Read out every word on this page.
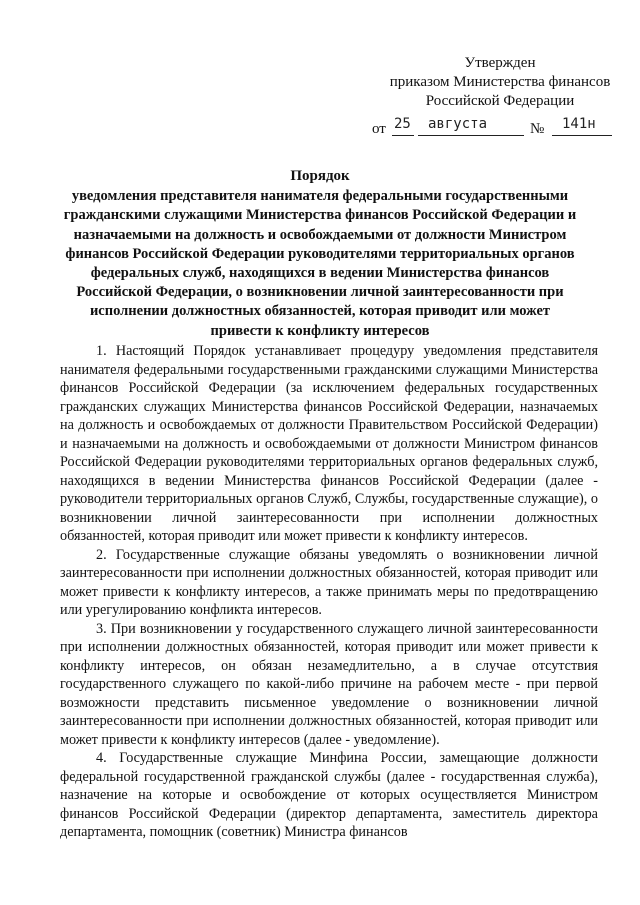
Утвержден
приказом Министерства финансов
Российской Федерации
от 25 августа	№ 141н
Порядок
уведомления представителя нанимателя федеральными государственными гражданскими служащими Министерства финансов Российской Федерации и назначаемыми на должность и освобождаемыми от должности Министром финансов Российской Федерации руководителями территориальных органов федеральных служб, находящихся в ведении Министерства финансов Российской Федерации, о возникновении личной заинтересованности при исполнении должностных обязанностей, которая приводит или может привести к конфликту интересов

1. Настоящий Порядок устанавливает процедуру уведомления представителя нанимателя федеральными государственными гражданскими служащими Министерства финансов Российской Федерации (за исключением федеральных государственных гражданских служащих Министерства финансов Российской Федерации, назначаемых на должность и освобождаемых от должности Правительством Российской Федерации) и назначаемыми на должность и освобождаемыми от должности Министром финансов Российской Федерации руководителями территориальных органов федеральных служб, находящихся в ведении Министерства финансов Российской Федерации (далее - руководители территориальных органов Служб, Службы, государственные служащие), о возникновении личной заинтересованности при исполнении должностных обязанностей, которая приводит или может привести к конфликту интересов.

2. Государственные служащие обязаны уведомлять о возникновении личной заинтересованности при исполнении должностных обязанностей, которая приводит или может привести к конфликту интересов, а также принимать меры по предотвращению или урегулированию конфликта интересов.

3. При возникновении у государственного служащего личной заинтересованности при исполнении должностных обязанностей, которая приводит или может привести к конфликту интересов, он обязан незамедлительно, а в случае отсутствия государственного служащего по какой-либо причине на рабочем месте - при первой возможности представить письменное уведомление о возникновении личной заинтересованности при исполнении должностных обязанностей, которая приводит или может привести к конфликту интересов (далее - уведомление).

4. Государственные служащие Минфина России, замещающие должности федеральной государственной гражданской службы (далее - государственная служба), назначение на которые и освобождение от которых осуществляется Министром финансов Российской Федерации (директор департамента, заместитель директора департамента, помощник (советник) Министра финансов
